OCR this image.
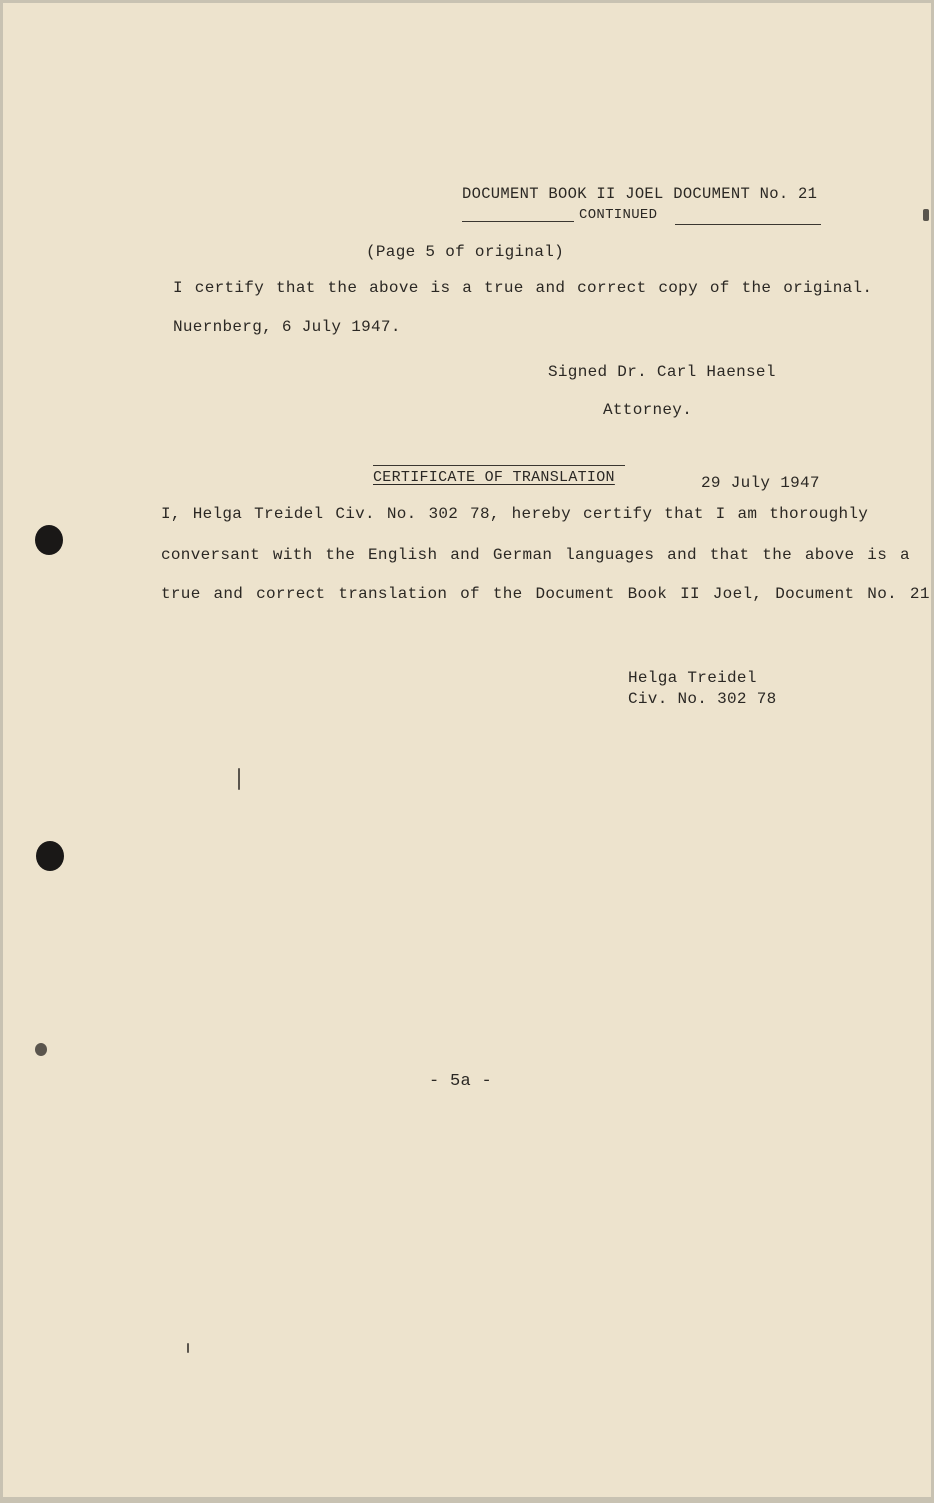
DOCUMENT BOOK II JOEL DOCUMENT No. 21
CONTINUED
(Page 5 of original)
I certify that the above is a true and correct copy of the original.
Nuernberg, 6 July 1947.
Signed Dr. Carl Haensel
Attorney.
CERTIFICATE OF TRANSLATION	29 July 1947
I, Helga Treidel Civ. No. 302 78, hereby certify that I am thoroughly
conversant with the English and German languages and that the above is a
true and correct translation of the Document Book II Joel, Document No. 21
Helga Treidel
Civ. No. 302 78
- 5a -
